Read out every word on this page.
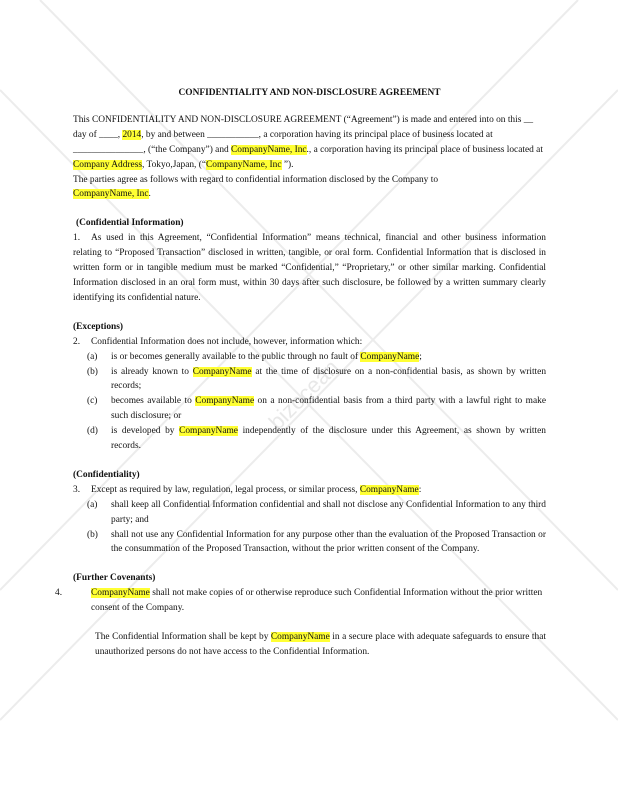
bizocean

CONFIDENTIALITY AND NON-DISCLOSURE AGREEMENT

This CONFIDENTIALITY AND NON-DISCLOSURE AGREEMENT (“Agreement”) is made and entered into on this __ day of ____, 2014, by and between ___________, a corporation having its principal place of business located at _______________, (“the Company”) and CompanyName, Inc., a corporation having its principal place of business located at Company Address, Tokyo,Japan, (“CompanyName, Inc ”).
The parties agree as follows with regard to confidential information disclosed by the Company to
CompanyName, Inc.

(Confidential Information)

1. As used in this Agreement, “Confidential Information” means technical, financial and other business information relating to “Proposed Transaction” disclosed in written, tangible, or oral form. Confidential Information that is disclosed in written form or in tangible medium must be marked “Confidential,” “Proprietary,” or other similar marking. Confidential Information disclosed in an oral form must, within 30 days after such disclosure, be followed by a written summary clearly identifying its confidential nature.

(Exceptions)

2. Confidential Information does not include, however, information which:

(a) is or becomes generally available to the public through no fault of CompanyName;
(b) is already known to CompanyName at the time of disclosure on a non-confidential basis, as shown by written records;
(c) becomes available to CompanyName on a non-confidential basis from a third party with a lawful right to make such disclosure; or
(d) is developed by CompanyName independently of the disclosure under this Agreement, as shown by written records.

(Confidentiality)

3. Except as required by law, regulation, legal process, or similar process, CompanyName:

(a) shall keep all Confidential Information confidential and shall not disclose any Confidential Information to any third party; and
(b) shall not use any Confidential Information for any purpose other than the evaluation of the Proposed Transaction or the consummation of the Proposed Transaction, without the prior written consent of the Company.

(Further Covenants)

4.	CompanyName shall not make copies of or otherwise reproduce such Confidential Information without the prior written consent of the Company.

The Confidential Information shall be kept by CompanyName in a secure place with adequate safeguards to ensure that unauthorized persons do not have access to the Confidential Information.
